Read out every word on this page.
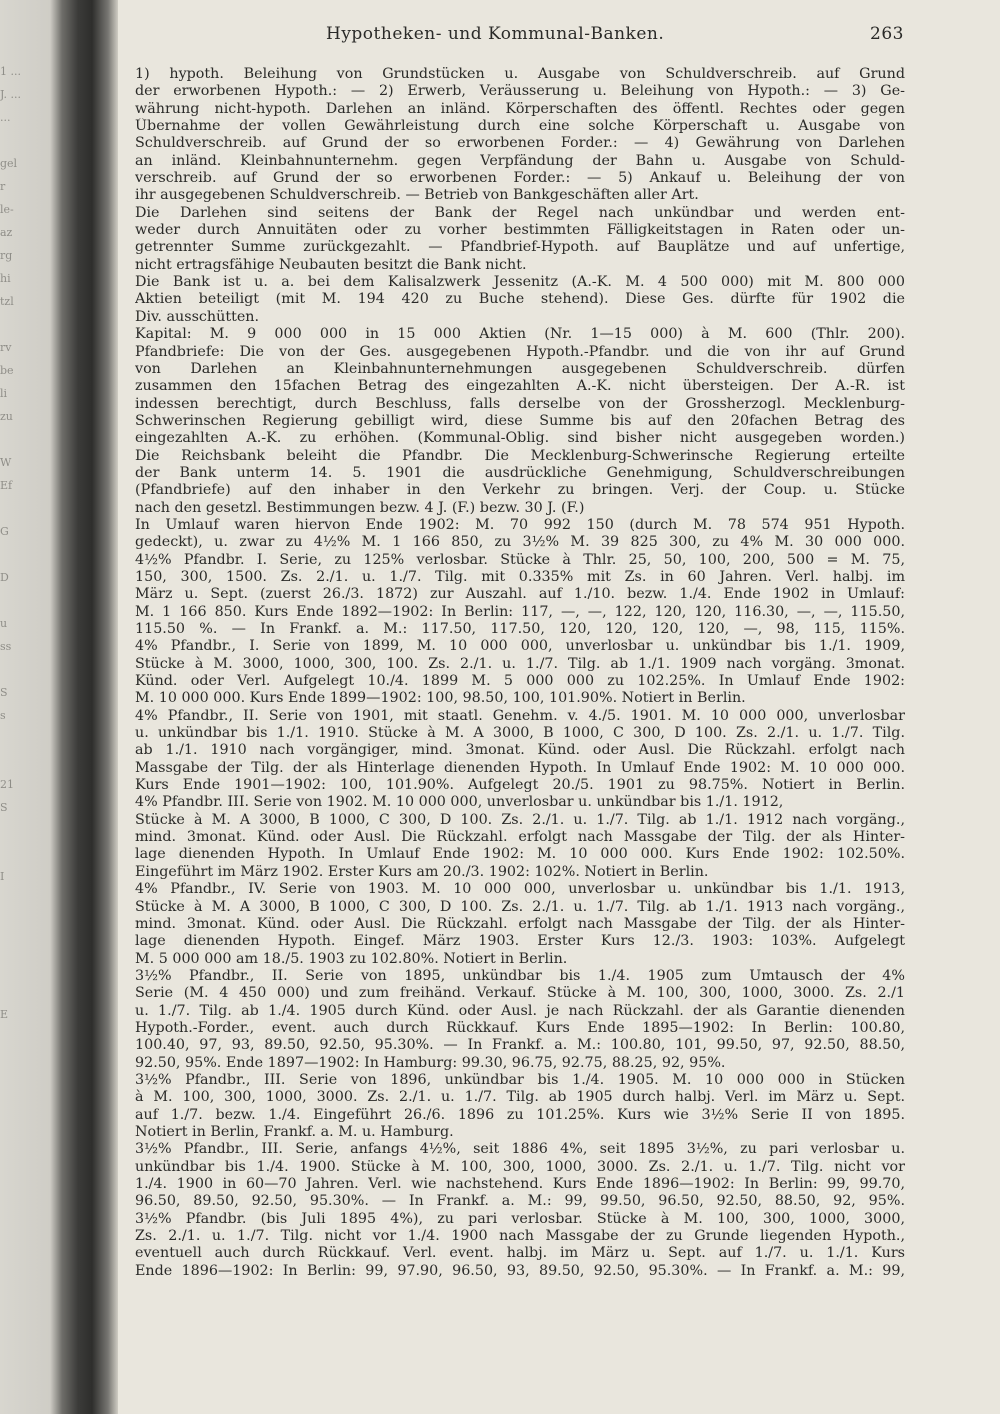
1 ...
J. ...
...

gel
r
le-
az
rg
hi
tzl

rv
be
li
zu

W
Ef

G

D

u
ss

S
s

21
S

I

E

Hypotheken- und Kommunal-Banken.	263
1) hypoth. Beleihung von Grundstücken u. Ausgabe von Schuldverschreib. auf Grund
der erworbenen Hypoth.: — 2) Erwerb, Veräusserung u. Beleihung von Hypoth.: — 3) Ge-
währung nicht-hypoth. Darlehen an inländ. Körperschaften des öffentl. Rechtes oder gegen
Übernahme der vollen Gewährleistung durch eine solche Körperschaft u. Ausgabe von
Schuldverschreib. auf Grund der so erworbenen Forder.: — 4) Gewährung von Darlehen
an inländ. Kleinbahnunternehm. gegen Verpfändung der Bahn u. Ausgabe von Schuld-
verschreib. auf Grund der so erworbenen Forder.: — 5) Ankauf u. Beleihung der von
ihr ausgegebenen Schuldverschreib. — Betrieb von Bankgeschäften aller Art.
Die Darlehen sind seitens der Bank der Regel nach unkündbar und werden ent-
weder durch Annuitäten oder zu vorher bestimmten Fälligkeitstagen in Raten oder un-
getrennter Summe zurückgezahlt. — Pfandbrief-Hypoth. auf Bauplätze und auf unfertige,
nicht ertragsfähige Neubauten besitzt die Bank nicht.
Die Bank ist u. a. bei dem Kalisalzwerk Jessenitz (A.-K. M. 4 500 000) mit M. 800 000
Aktien beteiligt (mit M. 194 420 zu Buche stehend). Diese Ges. dürfte für 1902 die
Div. ausschütten.
Kapital: M. 9 000 000 in 15 000 Aktien (Nr. 1—15 000) à M. 600 (Thlr. 200).
Pfandbriefe: Die von der Ges. ausgegebenen Hypoth.-Pfandbr. und die von ihr auf Grund
von Darlehen an Kleinbahnunternehmungen ausgegebenen Schuldverschreib. dürfen
zusammen den 15fachen Betrag des eingezahlten A.-K. nicht übersteigen. Der A.-R. ist
indessen berechtigt, durch Beschluss, falls derselbe von der Grossherzogl. Mecklenburg-
Schwerinschen Regierung gebilligt wird, diese Summe bis auf den 20fachen Betrag des
eingezahlten A.-K. zu erhöhen. (Kommunal-Oblig. sind bisher nicht ausgegeben worden.)
Die Reichsbank beleiht die Pfandbr. Die Mecklenburg-Schwerinsche Regierung erteilte
der Bank unterm 14. 5. 1901 die ausdrückliche Genehmigung, Schuldverschreibungen
(Pfandbriefe) auf den inhaber in den Verkehr zu bringen. Verj. der Coup. u. Stücke
nach den gesetzl. Bestimmungen bezw. 4 J. (F.) bezw. 30 J. (F.)
In Umlauf waren hiervon Ende 1902: M. 70 992 150 (durch M. 78 574 951 Hypoth.
gedeckt), u. zwar zu 4½% M. 1 166 850, zu 3½% M. 39 825 300, zu 4% M. 30 000 000.
4½% Pfandbr. I. Serie, zu 125% verlosbar. Stücke à Thlr. 25, 50, 100, 200, 500 = M. 75,
150, 300, 1500. Zs. 2./1. u. 1./7. Tilg. mit 0.335% mit Zs. in 60 Jahren. Verl. halbj. im
März u. Sept. (zuerst 26./3. 1872) zur Auszahl. auf 1./10. bezw. 1./4. Ende 1902 in Umlauf:
M. 1 166 850. Kurs Ende 1892—1902: In Berlin: 117, —, —, 122, 120, 120, 116.30, —, —, 115.50,
115.50 %. — In Frankf. a. M.: 117.50, 117.50, 120, 120, 120, 120, —, 98, 115, 115%.
4% Pfandbr., I. Serie von 1899, M. 10 000 000, unverlosbar u. unkündbar bis 1./1. 1909,
Stücke à M. 3000, 1000, 300, 100. Zs. 2./1. u. 1./7. Tilg. ab 1./1. 1909 nach vorgäng. 3monat.
Künd. oder Verl. Aufgelegt 10./4. 1899 M. 5 000 000 zu 102.25%. In Umlauf Ende 1902:
M. 10 000 000. Kurs Ende 1899—1902: 100, 98.50, 100, 101.90%. Notiert in Berlin.
4% Pfandbr., II. Serie von 1901, mit staatl. Genehm. v. 4./5. 1901. M. 10 000 000, unverlosbar
u. unkündbar bis 1./1. 1910. Stücke à M. A 3000, B 1000, C 300, D 100. Zs. 2./1. u. 1./7. Tilg.
ab 1./1. 1910 nach vorgängiger, mind. 3monat. Künd. oder Ausl. Die Rückzahl. erfolgt nach
Massgabe der Tilg. der als Hinterlage dienenden Hypoth. In Umlauf Ende 1902: M. 10 000 000.
Kurs Ende 1901—1902: 100, 101.90%. Aufgelegt 20./5. 1901 zu 98.75%. Notiert in Berlin.
4% Pfandbr. III. Serie von 1902. M. 10 000 000, unverlosbar u. unkündbar bis 1./1. 1912,
Stücke à M. A 3000, B 1000, C 300, D 100. Zs. 2./1. u. 1./7. Tilg. ab 1./1. 1912 nach vorgäng.,
mind. 3monat. Künd. oder Ausl. Die Rückzahl. erfolgt nach Massgabe der Tilg. der als Hinter-
lage dienenden Hypoth. In Umlauf Ende 1902: M. 10 000 000. Kurs Ende 1902: 102.50%.
Eingeführt im März 1902. Erster Kurs am 20./3. 1902: 102%. Notiert in Berlin.
4% Pfandbr., IV. Serie von 1903. M. 10 000 000, unverlosbar u. unkündbar bis 1./1. 1913,
Stücke à M. A 3000, B 1000, C 300, D 100. Zs. 2./1. u. 1./7. Tilg. ab 1./1. 1913 nach vorgäng.,
mind. 3monat. Künd. oder Ausl. Die Rückzahl. erfolgt nach Massgabe der Tilg. der als Hinter-
lage dienenden Hypoth. Eingef. März 1903. Erster Kurs 12./3. 1903: 103%. Aufgelegt
M. 5 000 000 am 18./5. 1903 zu 102.80%. Notiert in Berlin.
3½% Pfandbr., II. Serie von 1895, unkündbar bis 1./4. 1905 zum Umtausch der 4%
Serie (M. 4 450 000) und zum freihänd. Verkauf. Stücke à M. 100, 300, 1000, 3000. Zs. 2./1
u. 1./7. Tilg. ab 1./4. 1905 durch Künd. oder Ausl. je nach Rückzahl. der als Garantie dienenden
Hypoth.-Forder., event. auch durch Rückkauf. Kurs Ende 1895—1902: In Berlin: 100.80,
100.40, 97, 93, 89.50, 92.50, 95.30%. — In Frankf. a. M.: 100.80, 101, 99.50, 97, 92.50, 88.50,
92.50, 95%. Ende 1897—1902: In Hamburg: 99.30, 96.75, 92.75, 88.25, 92, 95%.
3½% Pfandbr., III. Serie von 1896, unkündbar bis 1./4. 1905. M. 10 000 000 in Stücken
à M. 100, 300, 1000, 3000. Zs. 2./1. u. 1./7. Tilg. ab 1905 durch halbj. Verl. im März u. Sept.
auf 1./7. bezw. 1./4. Eingeführt 26./6. 1896 zu 101.25%. Kurs wie 3½% Serie II von 1895.
Notiert in Berlin, Frankf. a. M. u. Hamburg.
3½% Pfandbr., III. Serie, anfangs 4½%, seit 1886 4%, seit 1895 3½%, zu pari verlosbar u.
unkündbar bis 1./4. 1900. Stücke à M. 100, 300, 1000, 3000. Zs. 2./1. u. 1./7. Tilg. nicht vor
1./4. 1900 in 60—70 Jahren. Verl. wie nachstehend. Kurs Ende 1896—1902: In Berlin: 99, 99.70,
96.50, 89.50, 92.50, 95.30%. — In Frankf. a. M.: 99, 99.50, 96.50, 92.50, 88.50, 92, 95%.
3½% Pfandbr. (bis Juli 1895 4%), zu pari verlosbar. Stücke à M. 100, 300, 1000, 3000,
Zs. 2./1. u. 1./7. Tilg. nicht vor 1./4. 1900 nach Massgabe der zu Grunde liegenden Hypoth.,
eventuell auch durch Rückkauf. Verl. event. halbj. im März u. Sept. auf 1./7. u. 1./1. Kurs
Ende 1896—1902: In Berlin: 99, 97.90, 96.50, 93, 89.50, 92.50, 95.30%. — In Frankf. a. M.: 99,
